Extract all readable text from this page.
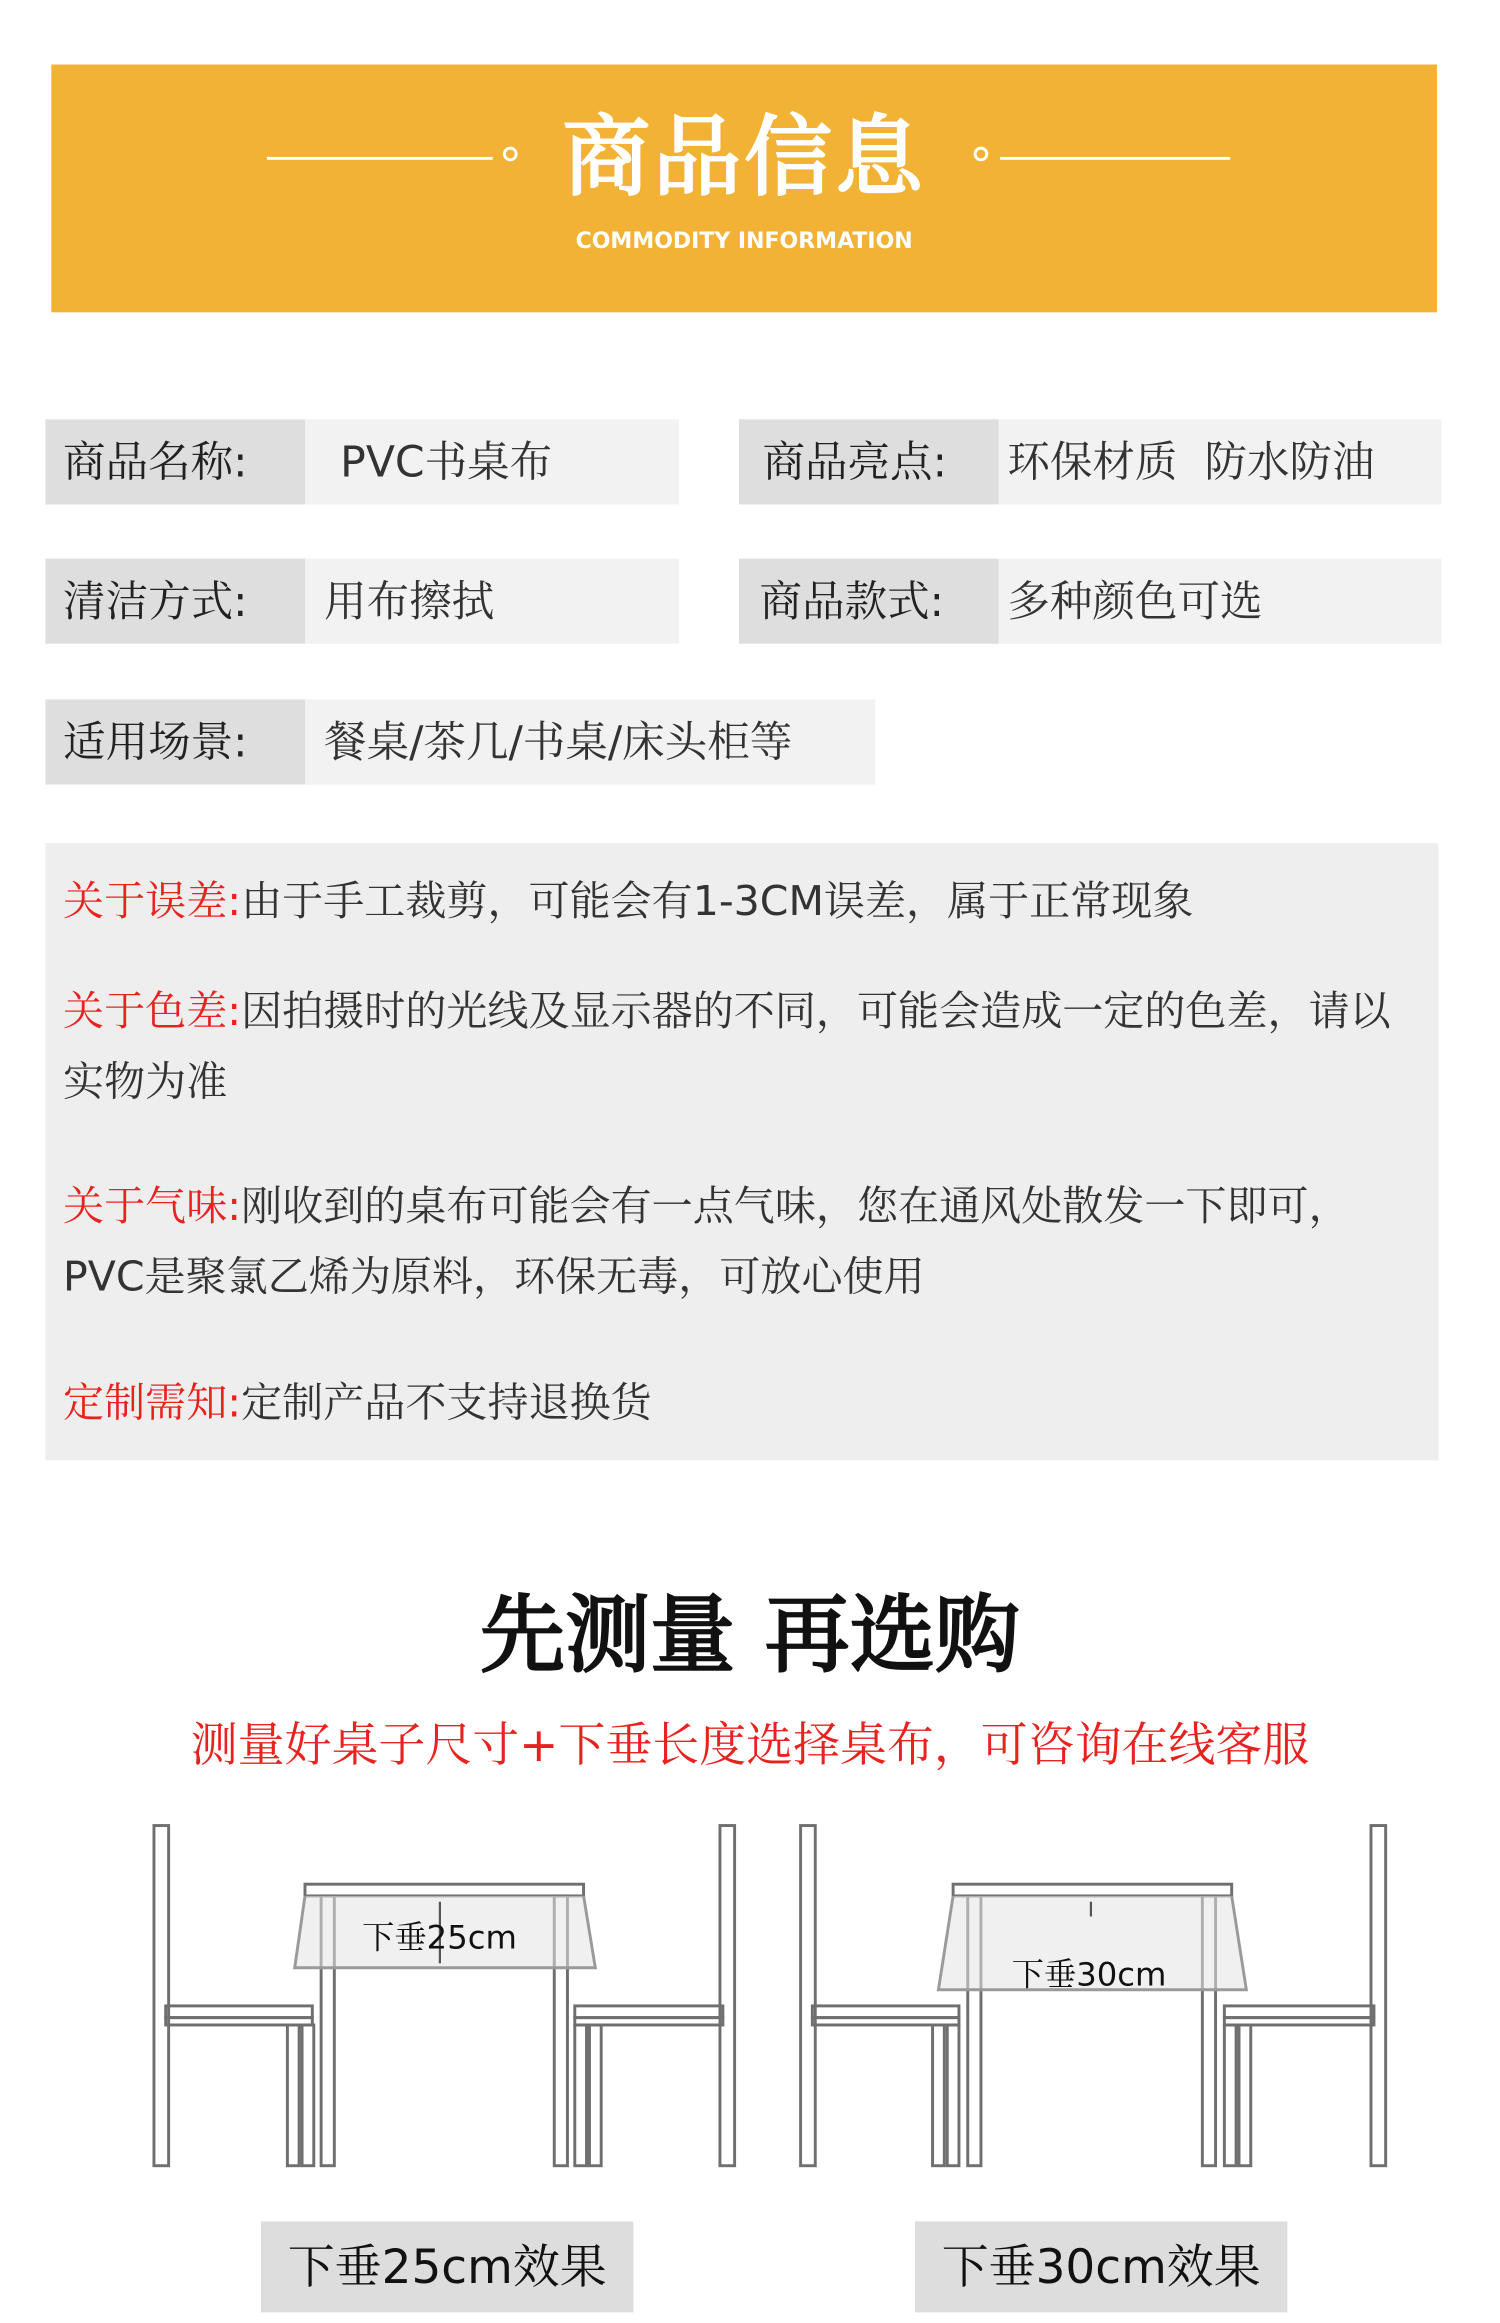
商品信息
COMMODITY INFORMATION
商品名称:	PVC书桌布	商品亮点:	环保材质  防水防油
清洁方式:	用布擦拭	商品款式:	多种颜色可选
适用场景:	餐桌/茶几/书桌/床头柜等
关于误差:由于手工裁剪，可能会有1-3CM误差，属于正常现象
关于色差:因拍摄时的光线及显示器的不同，可能会造成一定的色差，请以实物为准
关于气味:刚收到的桌布可能会有一点气味，您在通风处散发一下即可，PVC是聚氯乙烯为原料，环保无毒，可放心使用
定制需知:定制产品不支持退换货
先测量 再选购
测量好桌子尺寸+下垂长度选择桌布，可咨询在线客服
下垂25cm
下垂30cm
下垂25cm效果	下垂30cm效果
